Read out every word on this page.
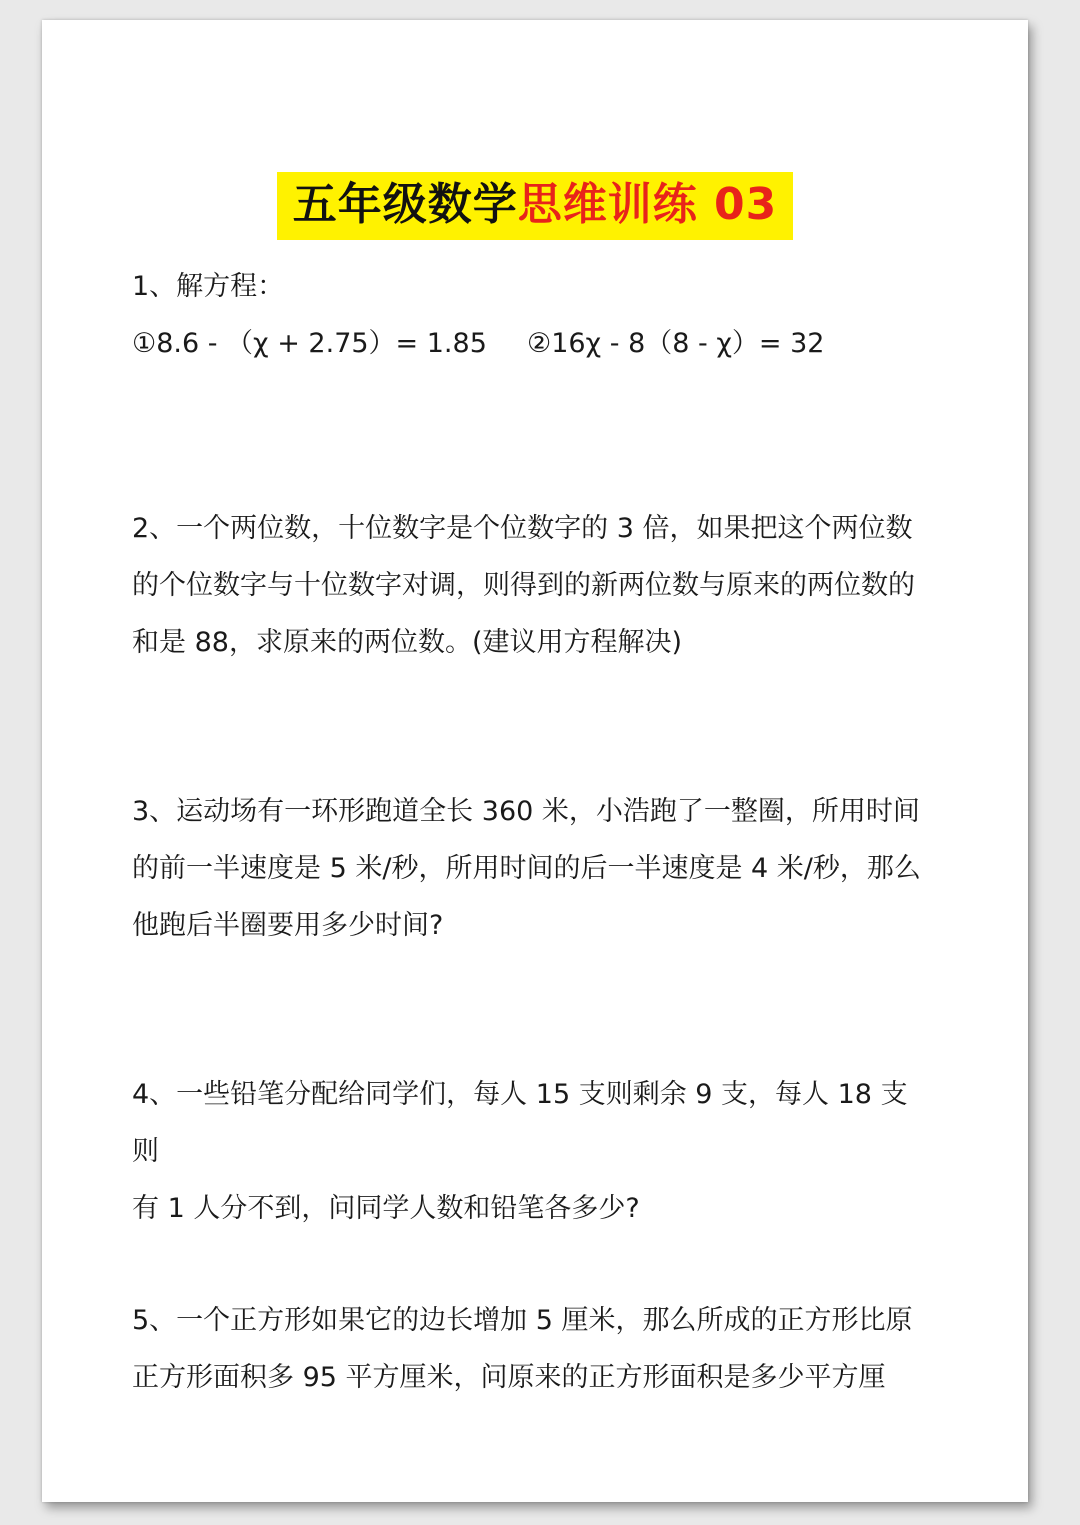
五年级数学思维训练 03
1、解方程：
①8.6 - （χ + 2.75）= 1.85	②16χ - 8（8 - χ）= 32
2、一个两位数，十位数字是个位数字的 3 倍，如果把这个两位数
的个位数字与十位数字对调，则得到的新两位数与原来的两位数的
和是 88，求原来的两位数。(建议用方程解决)
3、运动场有一环形跑道全长 360 米，小浩跑了一整圈，所用时间
的前一半速度是 5 米/秒，所用时间的后一半速度是 4 米/秒，那么
他跑后半圈要用多少时间?
4、一些铅笔分配给同学们，每人 15 支则剩余 9 支，每人 18 支则
有 1 人分不到，问同学人数和铅笔各多少?
5、一个正方形如果它的边长增加 5 厘米，那么所成的正方形比原
正方形面积多 95 平方厘米，问原来的正方形面积是多少平方厘
